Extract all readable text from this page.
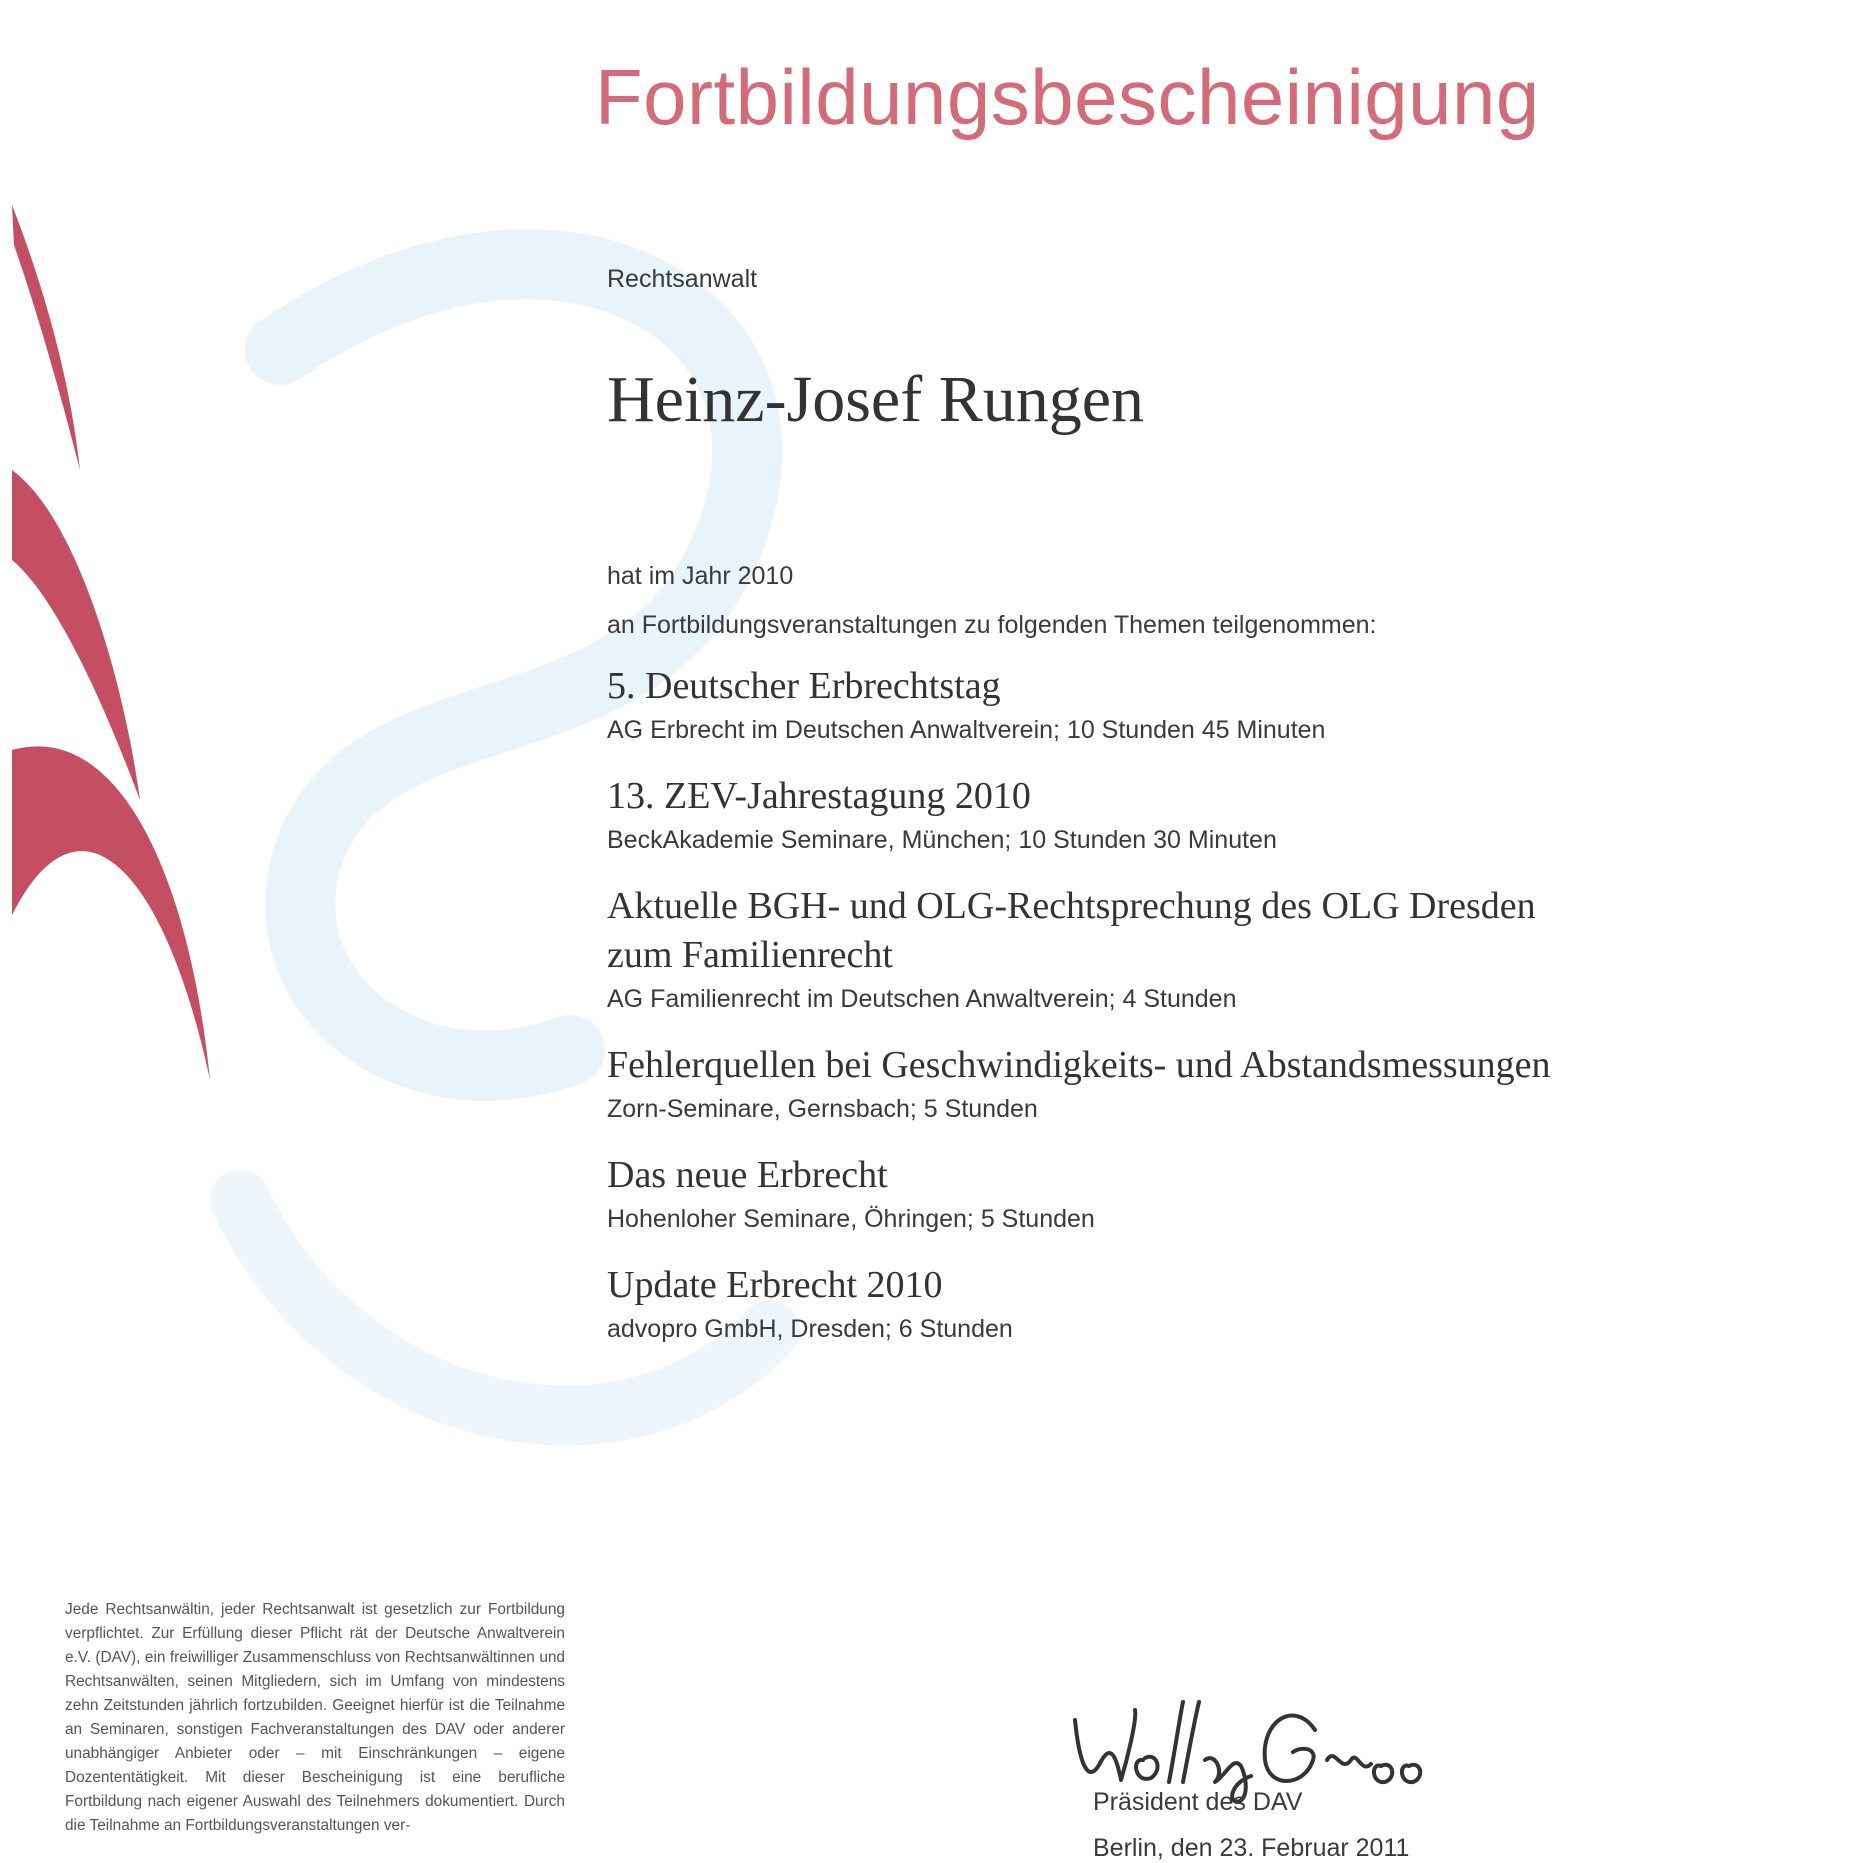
Fortbildungsbescheinigung
Rechtsanwalt
Heinz-Josef Rungen
hat im Jahr 2010
an Fortbildungsveranstaltungen zu folgenden Themen teilgenommen:
5. Deutscher Erbrechtstag
AG Erbrecht im Deutschen Anwaltverein; 10 Stunden 45 Minuten
13. ZEV-Jahrestagung 2010
BeckAkademie Seminare, München; 10 Stunden 30 Minuten
Aktuelle BGH- und OLG-Rechtsprechung des OLG Dresden zum Familienrecht
AG Familienrecht im Deutschen Anwaltverein; 4 Stunden
Fehlerquellen bei Geschwindigkeits- und Abstandsmessungen
Zorn-Seminare, Gernsbach; 5 Stunden
Das neue Erbrecht
Hohenloher Seminare, Öhringen; 5 Stunden
Update Erbrecht 2010
advopro GmbH, Dresden; 6 Stunden
Jede Rechtsanwältin, jeder Rechtsanwalt ist gesetzlich zur Fortbildung verpflichtet. Zur Erfüllung dieser Pflicht rät der Deutsche Anwaltverein e.V. (DAV), ein freiwilliger Zusammenschluss von Rechtsanwältinnen und Rechtsanwälten, seinen Mitgliedern, sich im Umfang von mindestens zehn Zeitstunden jährlich fortzubilden. Geeignet hierfür ist die Teilnahme an Seminaren, sonstigen Fachveranstaltungen des DAV oder anderer unabhängiger Anbieter oder – mit Einschränkungen – eigene Dozententätigkeit. Mit dieser Bescheinigung ist eine berufliche Fortbildung nach eigener Auswahl des Teilnehmers dokumentiert. Durch die Teilnahme an Fortbildungsveranstaltungen ver-
Präsident des DAV
Berlin, den 23. Februar 2011
